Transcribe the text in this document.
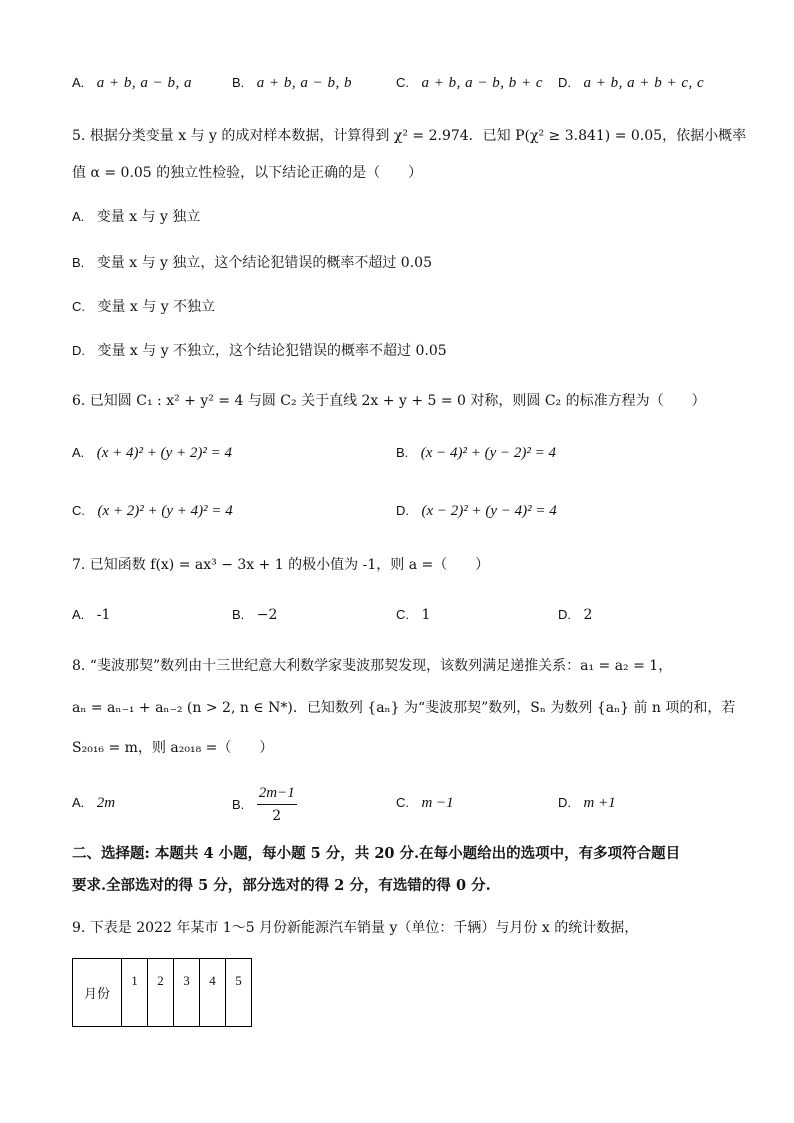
A. a + b, a − b, a	B. a + b, a − b, b	C. a + b, a − b, b + c D. a + b, a + b + c, c
5. 根据分类变量 x 与 y 的成对样本数据，计算得到 χ² = 2.974．已知 P(χ² ≥ 3.841) = 0.05，依据小概率
值 α = 0.05 的独立性检验，以下结论正确的是（　　）
A. 变量 x 与 y 独立
B. 变量 x 与 y 独立，这个结论犯错误的概率不超过 0.05
C. 变量 x 与 y 不独立
D. 变量 x 与 y 不独立，这个结论犯错误的概率不超过 0.05
6. 已知圆 C₁ : x² + y² = 4 与圆 C₂ 关于直线 2x + y + 5 = 0 对称，则圆 C₂ 的标准方程为（　　）
A. (x + 4)² + (y + 2)² = 4	B. (x − 4)² + (y − 2)² = 4
C. (x + 2)² + (y + 4)² = 4	D. (x − 2)² + (y − 4)² = 4
7. 已知函数 f(x) = ax³ − 3x + 1 的极小值为 -1，则 a =（　　）
A. -1	B. −2	C. 1	D. 2
8. “斐波那契”数列由十三世纪意大利数学家斐波那契发现，该数列满足递推关系：a₁ = a₂ = 1，
aₙ = aₙ₋₁ + aₙ₋₂ (n > 2, n ∈ N*)．已知数列 {aₙ} 为“斐波那契”数列，Sₙ 为数列 {aₙ} 前 n 项的和，若
S₂₀₁₆ = m，则 a₂₀₁₈ =（　　）
A. 2m	B. $\frac{2m-1}{2}$	C. m −1	D. m +1
二、选择题: 本题共 4 小题，每小题 5 分，共 20 分.在每小题给出的选项中，有多项符合题目
要求.全部选对的得 5 分，部分选对的得 2 分，有选错的得 0 分.
9. 下表是 2022 年某市 1～5 月份新能源汽车销量 y（单位：千辆）与月份 x 的统计数据，
月份	1	2	3	4	5
